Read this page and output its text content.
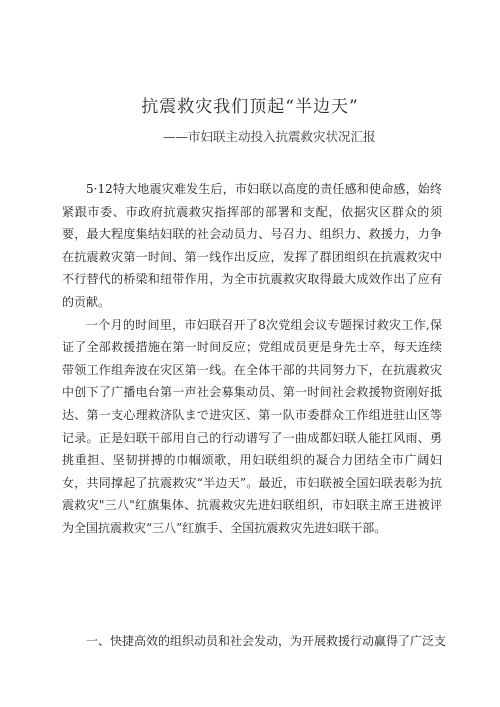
抗震救灾我们顶起“半边天”
——市妇联主动投入抗震救灾状况汇报

5·12特大地震灾难发生后，市妇联以高度的责任感和使命感，始终紧跟市委、市政府抗震救灾指挥部的部署和支配，依据灾区群众的须要，最大程度集结妇联的社会动员力、号召力、组织力、救援力，力争在抗震救灾第一时间、第一线作出反应，发挥了群团组织在抗震救灾中不行替代的桥梁和纽带作用，为全市抗震救灾取得最大成效作出了应有的贡献。

一个月的时间里，市妇联召开了8次党组会议专题探讨救灾工作,保证了全部救援措施在第一时间反应；党组成员更是身先士卒，每天连续带领工作组奔波在灾区第一线。在全体干部的共同努力下，在抗震救灾中创下了广播电台第一声社会募集动员、第一时间社会救援物资刚好抵达、第一支心理救济队まで进灾区、第一队市委群众工作组进驻山区等记录。正是妇联干部用自己的行动谱写了一曲成都妇联人能扛风雨、勇挑重担、坚韧拼搏的巾帼颂歌，用妇联组织的凝合力团结全市广阔妇女，共同撑起了抗震救灾“半边天”。最近，市妇联被全国妇联表彰为抗震救灾"三八"红旗集体、抗震救灾先进妇联组织，市妇联主席王进被评为全国抗震救灾“三八”红旗手、全国抗震救灾先进妇联干部。

一、快捷高效的组织动员和社会发动，为开展救援行动赢得了广泛支
